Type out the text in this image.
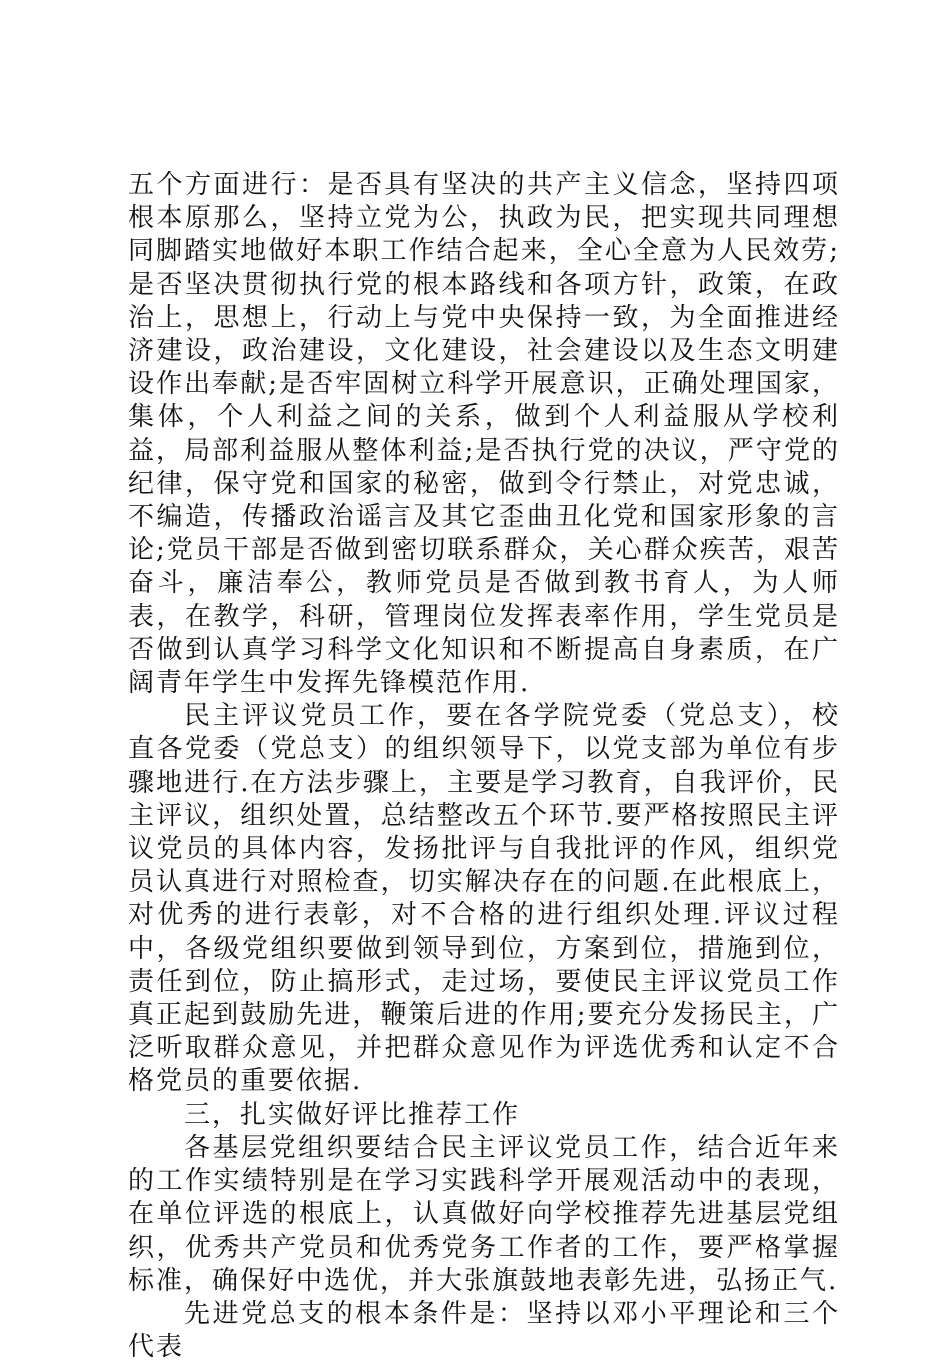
五个方面进行：是否具有坚决的共产主义信念，坚持四项根本原那么，坚持立党为公，执政为民，把实现共同理想同脚踏实地做好本职工作结合起来，全心全意为人民效劳;是否坚决贯彻执行党的根本路线和各项方针，政策，在政治上，思想上，行动上与党中央保持一致，为全面推进经济建设，政治建设，文化建设，社会建设以及生态文明建设作出奉献;是否牢固树立科学开展意识，正确处理国家，集体，个人利益之间的关系，做到个人利益服从学校利益，局部利益服从整体利益;是否执行党的决议，严守党的纪律，保守党和国家的秘密，做到令行禁止，对党忠诚，不编造，传播政治谣言及其它歪曲丑化党和国家形象的言论;党员干部是否做到密切联系群众，关心群众疾苦，艰苦奋斗，廉洁奉公，教师党员是否做到教书育人，为人师表，在教学，科研，管理岗位发挥表率作用，学生党员是否做到认真学习科学文化知识和不断提高自身素质，在广阔青年学生中发挥先锋模范作用.

民主评议党员工作，要在各学院党委（党总支），校直各党委（党总支）的组织领导下，以党支部为单位有步骤地进行.在方法步骤上，主要是学习教育，自我评价，民主评议，组织处置，总结整改五个环节.要严格按照民主评议党员的具体内容，发扬批评与自我批评的作风，组织党员认真进行对照检查，切实解决存在的问题.在此根底上，对优秀的进行表彰，对不合格的进行组织处理.评议过程中，各级党组织要做到领导到位，方案到位，措施到位，责任到位，防止搞形式，走过场，要使民主评议党员工作真正起到鼓励先进，鞭策后进的作用;要充分发扬民主，广泛听取群众意见，并把群众意见作为评选优秀和认定不合格党员的重要依据.

三，扎实做好评比推荐工作

各基层党组织要结合民主评议党员工作，结合近年来的工作实绩特别是在学习实践科学开展观活动中的表现，在单位评选的根底上，认真做好向学校推荐先进基层党组织，优秀共产党员和优秀党务工作者的工作，要严格掌握标准，确保好中选优，并大张旗鼓地表彰先进，弘扬正气.

先进党总支的根本条件是：坚持以邓小平理论和三个代表
